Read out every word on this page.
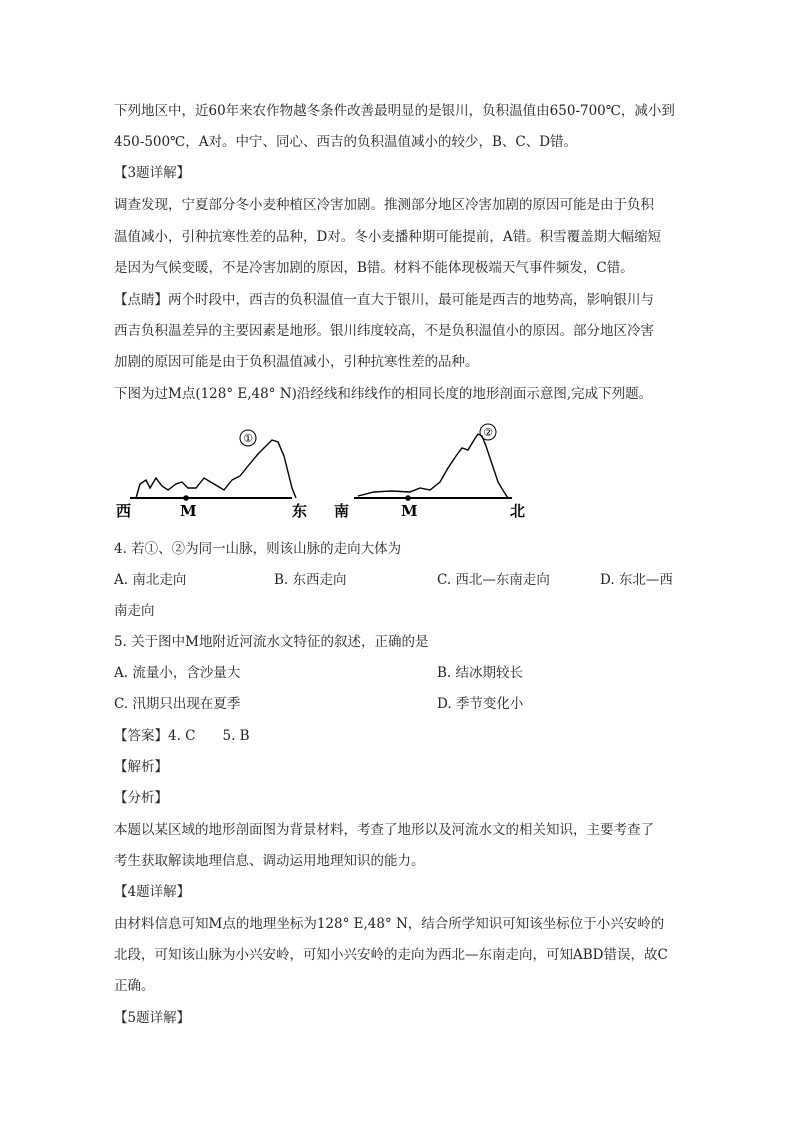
下列地区中，近60年来农作物越冬条件改善最明显的是银川，负积温值由650-700℃，减小到

450-500℃，A对。中宁、同心、西吉的负积温值减小的较少，B、C、D错。

【3题详解】

调查发现，宁夏部分冬小麦种植区冷害加剧。推测部分地区冷害加剧的原因可能是由于负积

温值减小，引种抗寒性差的品种，D对。冬小麦播种期可能提前，A错。积雪覆盖期大幅缩短

是因为气候变暖，不是冷害加剧的原因，B错。材料不能体现极端天气事件频发，C错。

【点睛】两个时段中，西吉的负积温值一直大于银川，最可能是西吉的地势高，影响银川与

西吉负积温差异的主要因素是地形。银川纬度较高，不是负积温值小的原因。部分地区冷害

加剧的原因可能是由于负积温值减小，引种抗寒性差的品种。

下图为过M点(128° E,48° N)沿经线和纬线作的相同长度的地形剖面示意图,完成下列题。

①
西	M	东
②
南	M	北

4. 若①、②为同一山脉，则该山脉的走向大体为

A. 南北走向	B. 东西走向	C. 西北—东南走向	D. 东北—西
南走向

5. 关于图中M地附近河流水文特征的叙述，正确的是

A. 流量小，含沙量大	B. 结冰期较长
C. 汛期只出现在夏季	D. 季节变化小

【答案】4. C　　5. B

【解析】

【分析】

本题以某区域的地形剖面图为背景材料，考查了地形以及河流水文的相关知识，主要考查了

考生获取解读地理信息、调动运用地理知识的能力。

【4题详解】

由材料信息可知M点的地理坐标为128° E,48° N，结合所学知识可知该坐标位于小兴安岭的

北段，可知该山脉为小兴安岭，可知小兴安岭的走向为西北—东南走向，可知ABD错误，故C

正确。

【5题详解】
